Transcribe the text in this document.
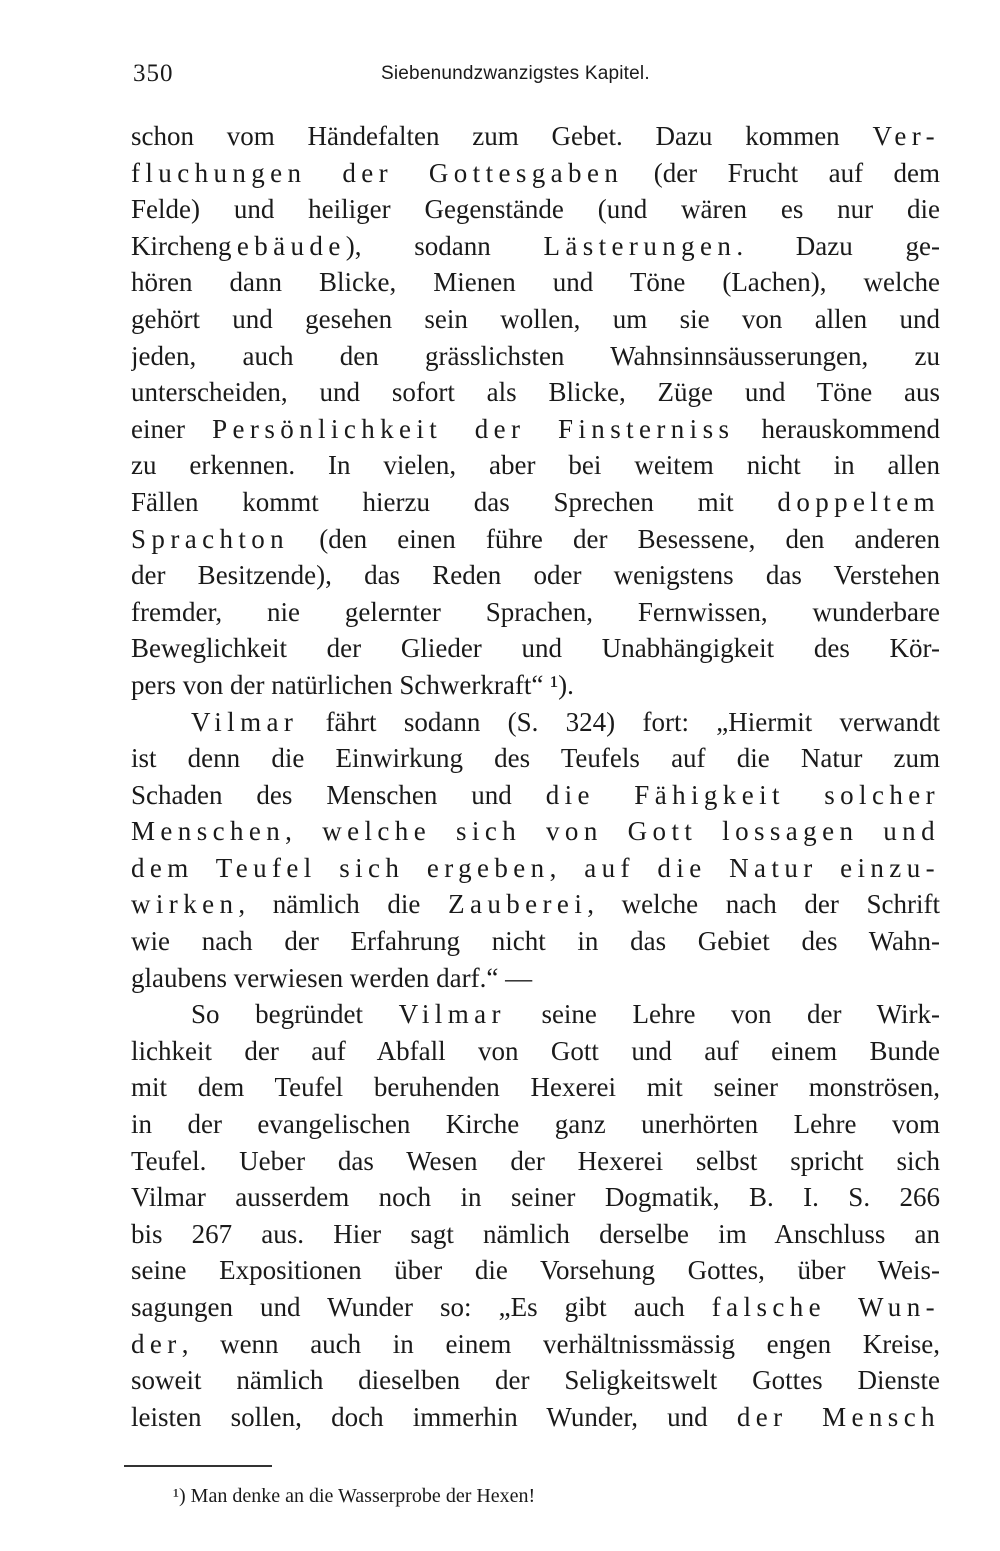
350	Siebenundzwanzigstes Kapitel.
schon vom Händefalten zum Gebet. Dazu kommen Ver-
fluchungen der Gottesgaben (der Frucht auf dem
Felde) und heiliger Gegenstände (und wären es nur die
Kirchengebäude), sodann Lästerungen. Dazu ge-
hören dann Blicke, Mienen und Töne (Lachen), welche
gehört und gesehen sein wollen, um sie von allen und
jeden, auch den grässlichsten Wahnsinnsäusserungen, zu
unterscheiden, und sofort als Blicke, Züge und Töne aus
einer Persönlichkeit der Finsterniss herauskommend
zu erkennen. In vielen, aber bei weitem nicht in allen
Fällen kommt hierzu das Sprechen mit doppeltem
Sprachton (den einen führe der Besessene, den anderen
der Besitzende), das Reden oder wenigstens das Verstehen
fremder, nie gelernter Sprachen, Fernwissen, wunderbare
Beweglichkeit der Glieder und Unabhängigkeit des Kör-
pers von der natürlichen Schwerkraft“ ¹).
Vilmar fährt sodann (S. 324) fort: „Hiermit verwandt
ist denn die Einwirkung des Teufels auf die Natur zum
Schaden des Menschen und die Fähigkeit solcher
Menschen, welche sich von Gott lossagen und
dem Teufel sich ergeben, auf die Natur einzu-
wirken, nämlich die Zauberei, welche nach der Schrift
wie nach der Erfahrung nicht in das Gebiet des Wahn-
glaubens verwiesen werden darf.“ —
So begründet Vilmar seine Lehre von der Wirk-
lichkeit der auf Abfall von Gott und auf einem Bunde
mit dem Teufel beruhenden Hexerei mit seiner monströsen,
in der evangelischen Kirche ganz unerhörten Lehre vom
Teufel. Ueber das Wesen der Hexerei selbst spricht sich
Vilmar ausserdem noch in seiner Dogmatik, B. I. S. 266
bis 267 aus. Hier sagt nämlich derselbe im Anschluss an
seine Expositionen über die Vorsehung Gottes, über Weis-
sagungen und Wunder so: „Es gibt auch falsche Wun-
der, wenn auch in einem verhältnissmässig engen Kreise,
soweit nämlich dieselben der Seligkeitswelt Gottes Dienste
leisten sollen, doch immerhin Wunder, und der Mensch
¹) Man denke an die Wasserprobe der Hexen!
